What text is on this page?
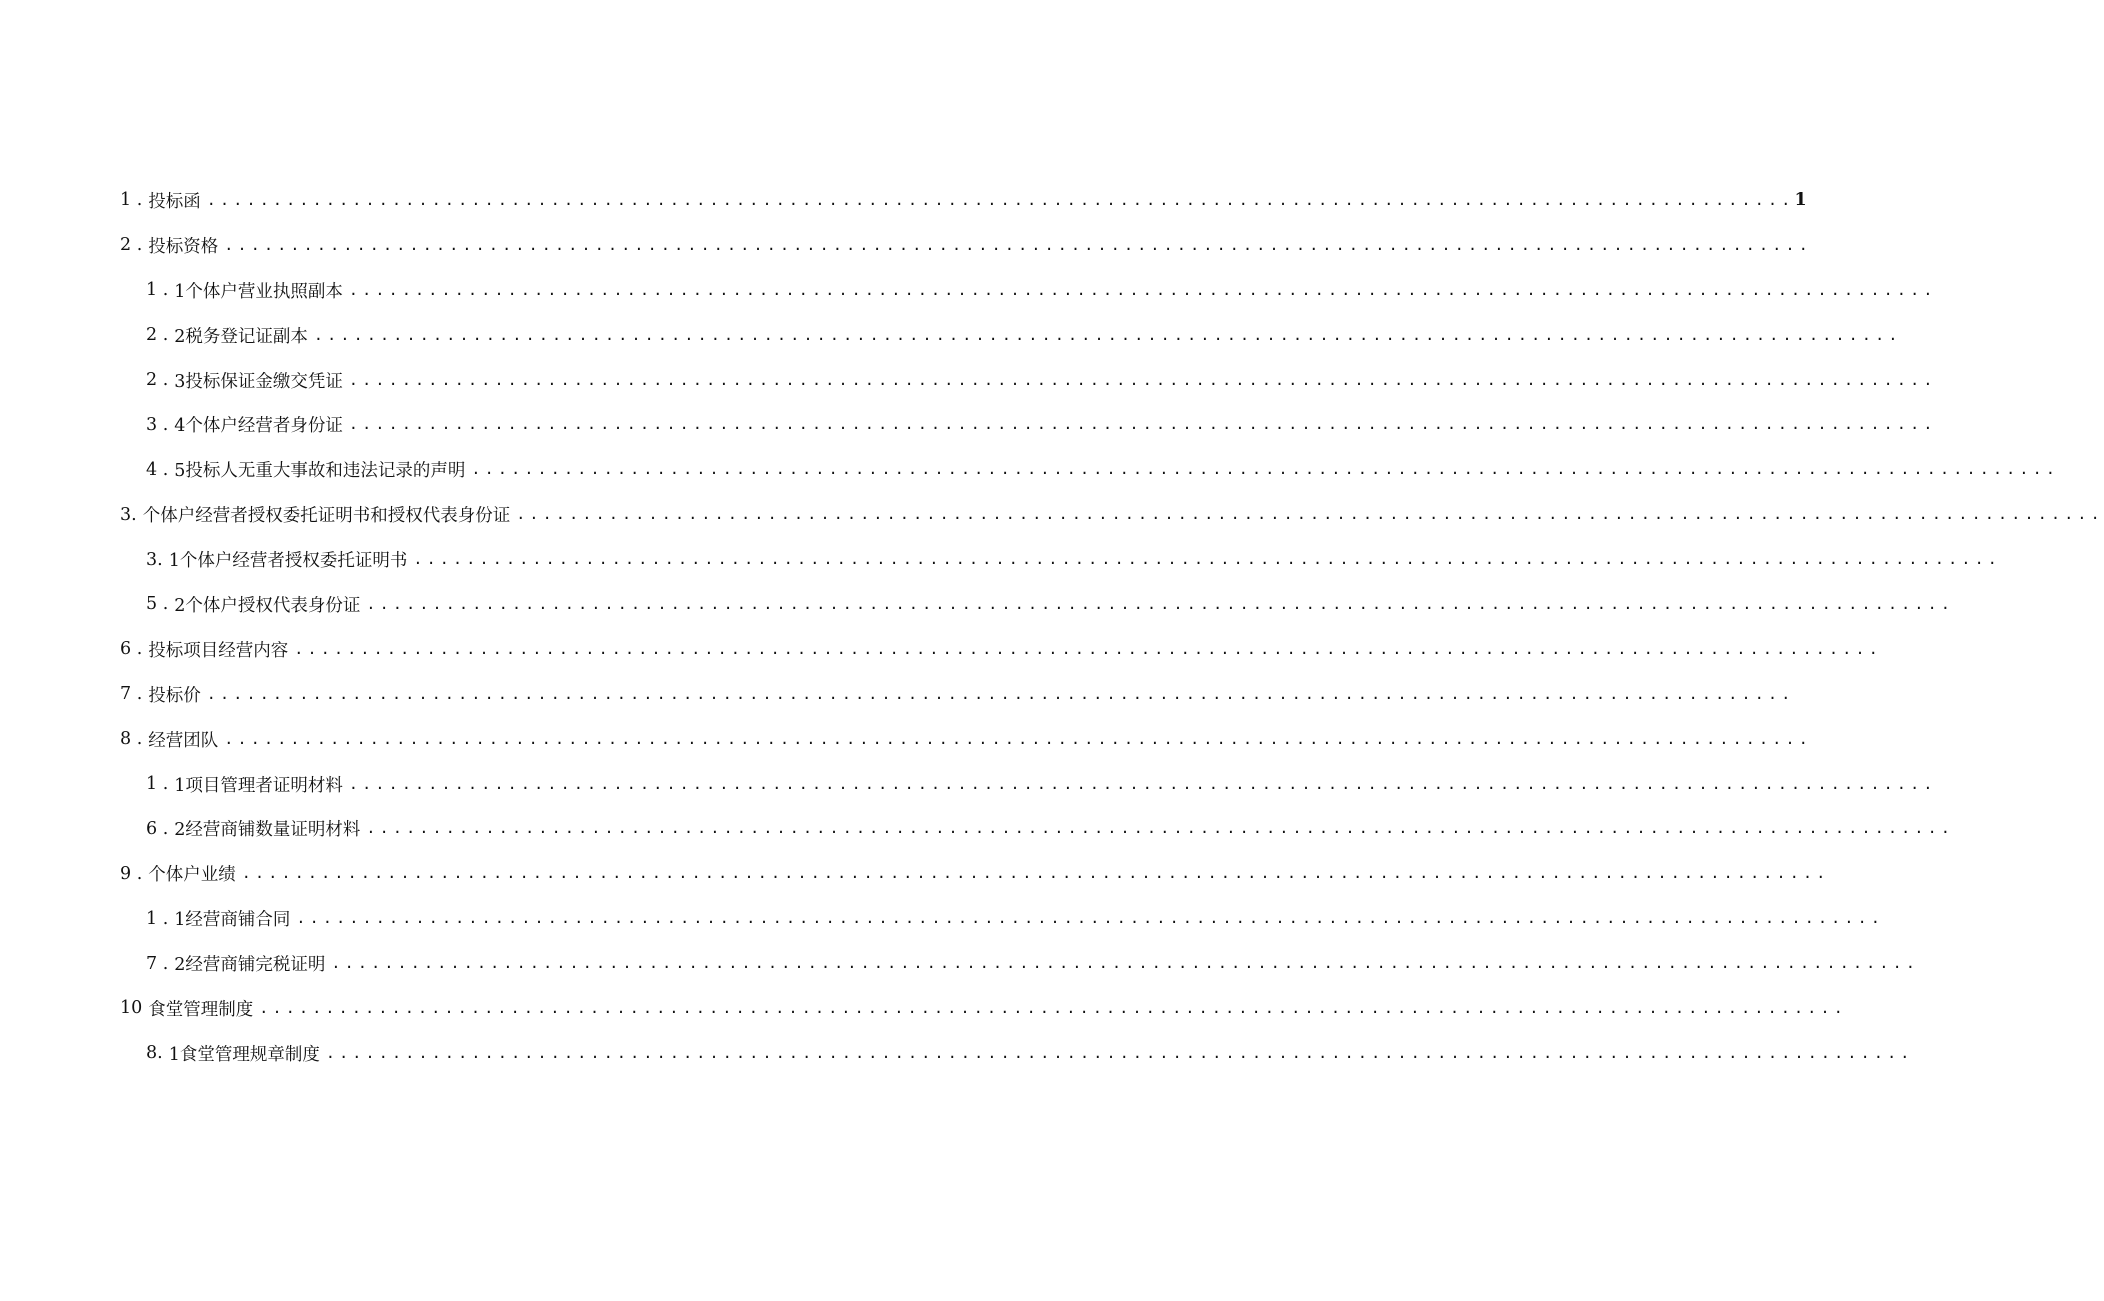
1 . 投标函 ........................................................................................................................ 1
2 . 投标资格 ........................................................................................................................
1 . 1个体户营业执照副本 ........................................................................................................................
2 . 2税务登记证副本 ........................................................................................................................
2 . 3投标保证金缴交凭证 ........................................................................................................................
3 . 4个体户经营者身份证 ........................................................................................................................
4 . 5投标人无重大事故和违法记录的声明 ........................................................................................................................
3. 个体户经营者授权委托证明书和授权代表身份证 ........................................................................................................................
3. 1个体户经营者授权委托证明书 ........................................................................................................................
5 . 2个体户授权代表身份证 ........................................................................................................................
6 . 投标项目经营内容 ........................................................................................................................
7 . 投标价 ........................................................................................................................
8 . 经营团队 ........................................................................................................................
1 . 1项目管理者证明材料 ........................................................................................................................
6 . 2经营商铺数量证明材料 ........................................................................................................................
9 . 个体户业绩 ........................................................................................................................
1 . 1经营商铺合同 ........................................................................................................................
7 . 2经营商铺完税证明 ........................................................................................................................
10 食堂管理制度 ........................................................................................................................
8. 1食堂管理规章制度 ........................................................................................................................
